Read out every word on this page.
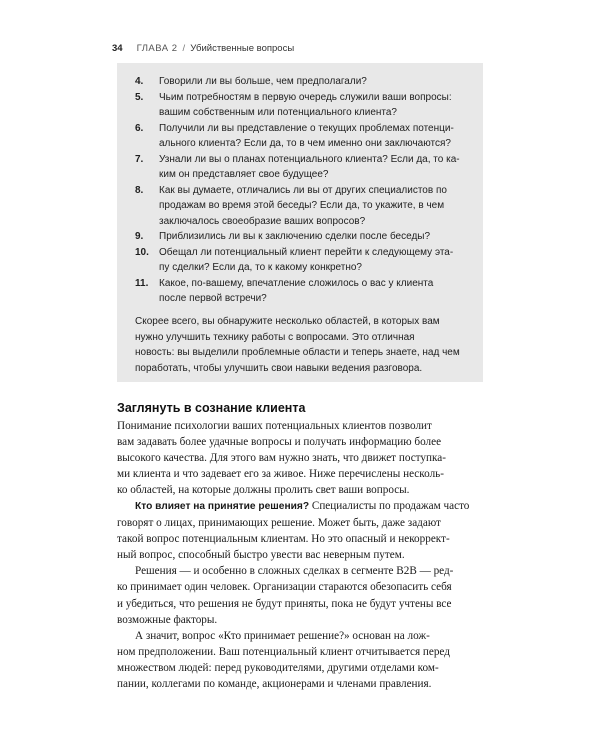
34 ГЛАВА 2 / Убийственные вопросы
4.	Говорили ли вы больше, чем предполагали?
5.	Чьим потребностям в первую очередь служили ваши вопросы:
вашим собственным или потенциального клиента?
6.	Получили ли вы представление о текущих проблемах потенци-
ального клиента? Если да, то в чем именно они заключаются?
7.	Узнали ли вы о планах потенциального клиента? Если да, то ка-
ким он представляет свое будущее?
8.	Как вы думаете, отличались ли вы от других специалистов по
продажам во время этой беседы? Если да, то укажите, в чем
заключалось своеобразие ваших вопросов?
9.	Приблизились ли вы к заключению сделки после беседы?
10.	Обещал ли потенциальный клиент перейти к следующему эта-
пу сделки? Если да, то к какому конкретно?
11.	Какое, по-вашему, впечатление сложилось о вас у клиента
после первой встречи?
Скорее всего, вы обнаружите несколько областей, в которых вам
нужно улучшить технику работы с вопросами. Это отличная
новость: вы выделили проблемные области и теперь знаете, над чем
поработать, чтобы улучшить свои навыки ведения разговора.
Заглянуть в сознание клиента
Понимание психологии ваших потенциальных клиентов позволит
вам задавать более удачные вопросы и получать информацию более
высокого качества. Для этого вам нужно знать, что движет поступка-
ми клиента и что задевает его за живое. Ниже перечислены несколь-
ко областей, на которые должны пролить свет ваши вопросы.
Кто влияет на принятие решения? Специалисты по продажам часто
говорят о лицах, принимающих решение. Может быть, даже задают
такой вопрос потенциальным клиентам. Но это опасный и некоррект-
ный вопрос, способный быстро увести вас неверным путем.
Решения — и особенно в сложных сделках в сегменте B2B — ред-
ко принимает один человек. Организации стараются обезопасить себя
и убедиться, что решения не будут приняты, пока не будут учтены все
возможные факторы.
А значит, вопрос «Кто принимает решение?» основан на лож-
ном предположении. Ваш потенциальный клиент отчитывается перед
множеством людей: перед руководителями, другими отделами ком-
пании, коллегами по команде, акционерами и членами правления.
